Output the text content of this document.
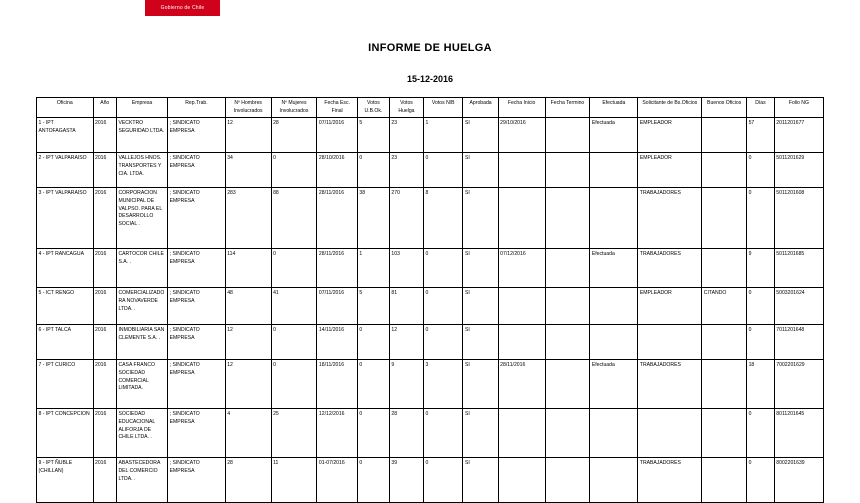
Gobierno de Chile
INFORME DE HUELGA
15-12-2016
Oficina	Año	Empresa	Rep.Trab.	Nº Hombres Involucrados	Nº Mujeres Involucrados	Fecha Esc. Final	Votos U.B.Ok.	Votos Huelga	Votos N/B	Aprobada	Fecha Inicio	Fecha Termino	Efectuada	Solicitante de Bs.Oficios	Buenos Oficios	Días	Folio NG
1 - IPT ANTOFAGASTA	2016	VECKTRO SEGURIDAD LTDA.	; SINDICATO EMPRESA	12	28	07/11/2016	5	23	1	SI	29/10/2016		Efectuada	EMPLEADOR		57	2011201677
2 - IPT VALPARAISO	2016	VALLEJOS HNOS. TRANSPORTES Y CIA. LTDA.	; SINDICATO EMPRESA	34	0	28/10/2016	0	23	0	SI				EMPLEADOR		0	5011201629
3 - IPT VALPARAISO	2016	CORPORACION MUNICIPAL DE VALPSO. PARA EL DESARROLLO SOCIAL .	; SINDICATO EMPRESA	283	88	28/11/2016	38	270	8	SI				TRABAJADORES		0	5011201608
4 - IPT RANCAGUA	2016	CARTOCOR CHILE S.A. .	; SINDICATO EMPRESA	114	0	28/11/2016	1	103	0	SI	07/12/2016		Efectuada	TRABAJADORES		9	5011201685
5 - ICT RENGO	2016	COMERCIALIZADORA NOVAVERDE LTDA. .	; SINDICATO EMPRESA	48	41	07/11/2016	5	81	0	SI				EMPLEADOR	CITANDO	0	5003201624
6 - IPT TALCA	2016	INMOBILIARIA SAN CLEMENTE S.A. .	; SINDICATO EMPRESA	12	0	14/11/2016	0	12	0	SI						0	7011201648
7 - IPT CURICO	2016	CASA FRANCO SOCIEDAD COMERCIAL LIMITADA.	; SINDICATO EMPRESA	12	0	18/11/2016	0	9	3	SI	28/11/2016		Efectuada	TRABAJADORES		18	7002201629
8 - IPT CONCEPCION	2016	SOCIEDAD EDUCACIONAL ALIFORJA DE CHILE LTDA. .	; SINDICATO EMPRESA	4	25	12/12/2016	0	28	0	SI						0	8011201645
9 - IPT ÑUBLE (CHILLAN)	2016	ABASTECEDORA DEL COMERCIO LTDA. .	; SINDICATO EMPRESA	28	11	01-07/2016	0	39	0	SI				TRABAJADORES		0	8002201639
